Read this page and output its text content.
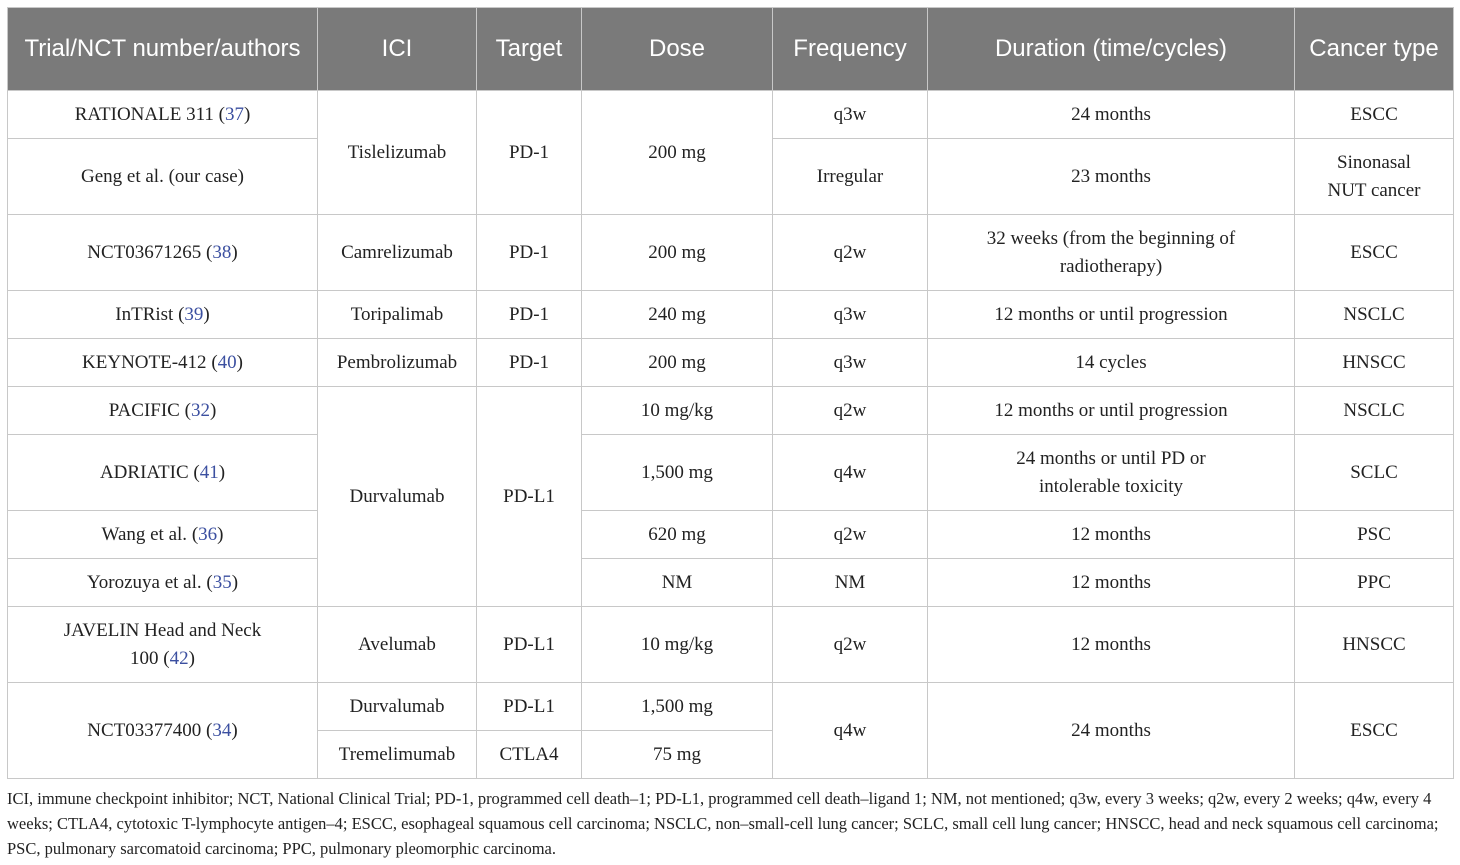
Trial/NCT number/authors	ICI	Target	Dose	Frequency	Duration (time/cycles)	Cancer type
RATIONALE 311 (37)	Tislelizumab	PD-1	200 mg	q3w	24 months	ESCC
Geng et al. (our case)				Irregular	23 months	Sinonasal NUT cancer
NCT03671265 (38)	Camrelizumab	PD-1	200 mg	q2w	32 weeks (from the beginning of radiotherapy)	ESCC
InTRist (39)	Toripalimab	PD-1	240 mg	q3w	12 months or until progression	NSCLC
KEYNOTE-412 (40)	Pembrolizumab	PD-1	200 mg	q3w	14 cycles	HNSCC
PACIFIC (32)	Durvalumab	PD-L1	10 mg/kg	q2w	12 months or until progression	NSCLC
ADRIATIC (41)			1,500 mg	q4w	24 months or until PD or intolerable toxicity	SCLC
Wang et al. (36)			620 mg	q2w	12 months	PSC
Yorozuya et al. (35)			NM	NM	12 months	PPC
JAVELIN Head and Neck 100 (42)	Avelumab	PD-L1	10 mg/kg	q2w	12 months	HNSCC
NCT03377400 (34)	Durvalumab	PD-L1	1,500 mg	q4w	24 months	ESCC
	Tremelimumab	CTLA4	75 mg			
ICI, immune checkpoint inhibitor; NCT, National Clinical Trial; PD-1, programmed cell death–1; PD-L1, programmed cell death–ligand 1; NM, not mentioned; q3w, every 3 weeks; q2w, every 2 weeks; q4w, every 4 weeks; CTLA4, cytotoxic T-lymphocyte antigen–4; ESCC, esophageal squamous cell carcinoma; NSCLC, non–small-cell lung cancer; SCLC, small cell lung cancer; HNSCC, head and neck squamous cell carcinoma; PSC, pulmonary sarcomatoid carcinoma; PPC, pulmonary pleomorphic carcinoma.
